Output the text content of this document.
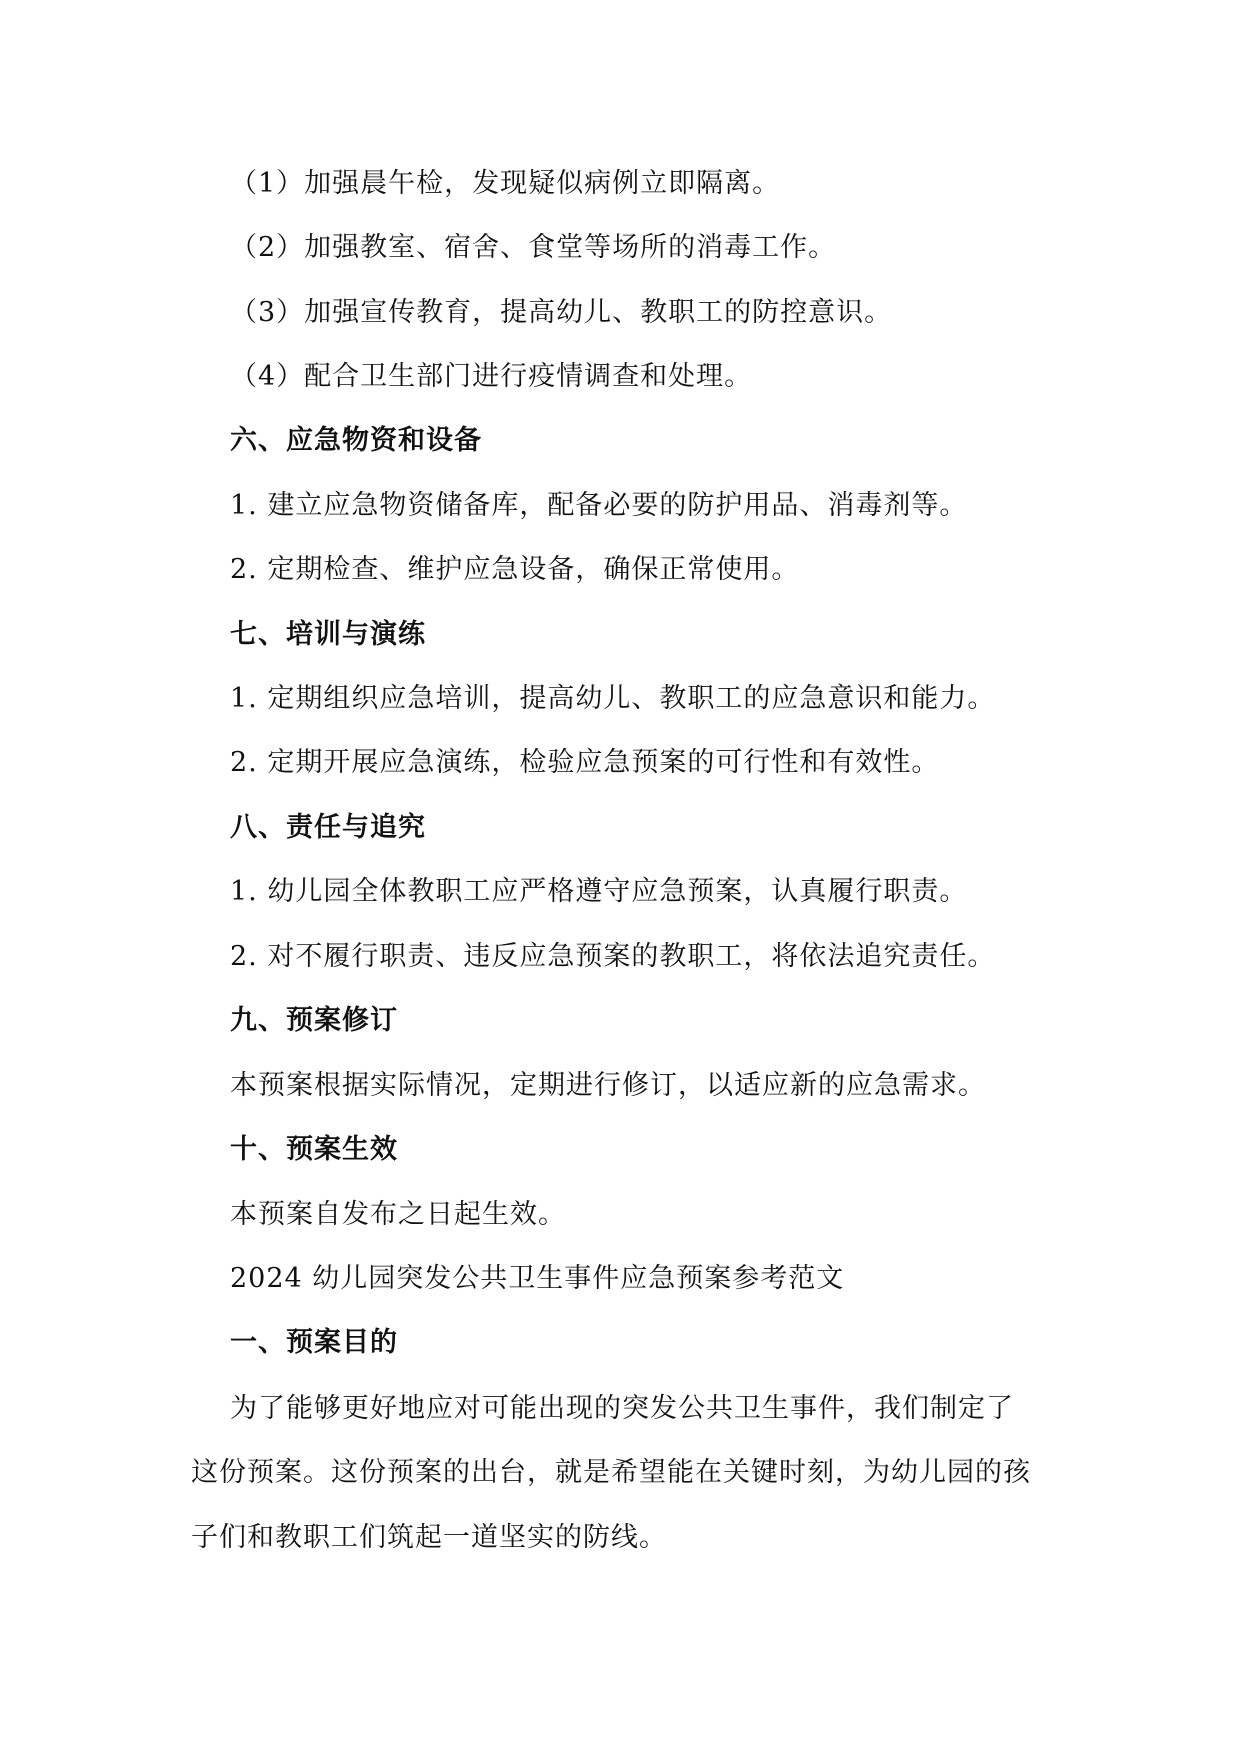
（1）加强晨午检，发现疑似病例立即隔离。
（2）加强教室、宿舍、食堂等场所的消毒工作。
（3）加强宣传教育，提高幼儿、教职工的防控意识。
（4）配合卫生部门进行疫情调查和处理。
六、应急物资和设备
1. 建立应急物资储备库，配备必要的防护用品、消毒剂等。
2. 定期检查、维护应急设备，确保正常使用。
七、培训与演练
1. 定期组织应急培训，提高幼儿、教职工的应急意识和能力。
2. 定期开展应急演练，检验应急预案的可行性和有效性。
八、责任与追究
1. 幼儿园全体教职工应严格遵守应急预案，认真履行职责。
2. 对不履行职责、违反应急预案的教职工，将依法追究责任。
九、预案修订
本预案根据实际情况，定期进行修订，以适应新的应急需求。
十、预案生效
本预案自发布之日起生效。
2024 幼儿园突发公共卫生事件应急预案参考范文
一、预案目的
为了能够更好地应对可能出现的突发公共卫生事件，我们制定了
这份预案。这份预案的出台，就是希望能在关键时刻，为幼儿园的孩
子们和教职工们筑起一道坚实的防线。
